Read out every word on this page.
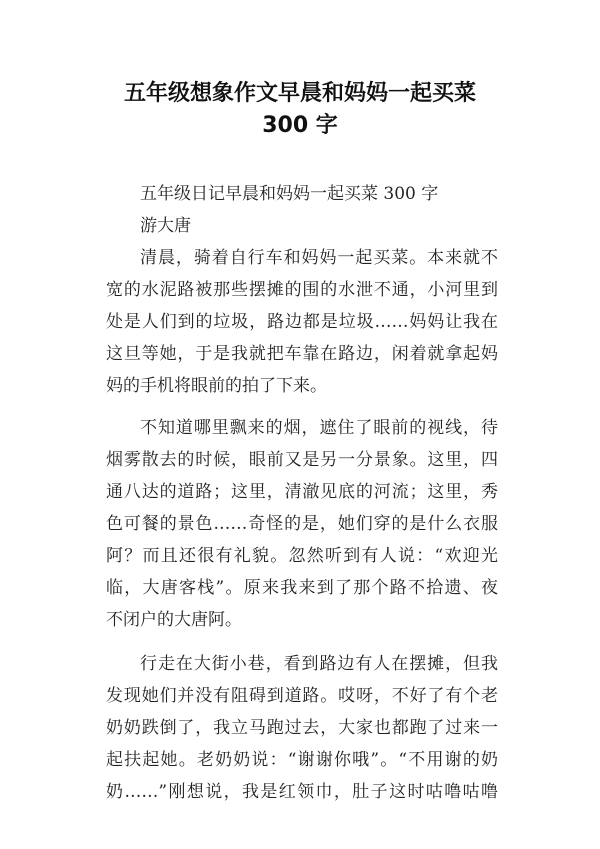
五年级想象作文早晨和妈妈一起买菜
300 字
五年级日记早晨和妈妈一起买菜 300 字
游大唐
清晨，骑着自行车和妈妈一起买菜。本来就不
宽的水泥路被那些摆摊的围的水泄不通，小河里到
处是人们到的垃圾，路边都是垃圾……妈妈让我在
这旦等她，于是我就把车靠在路边，闲着就拿起妈
妈的手机将眼前的拍了下来。
不知道哪里飘来的烟，遮住了眼前的视线，待
烟雾散去的时候，眼前又是另一分景象。这里，四
通八达的道路；这里，清澈见底的河流；这里，秀
色可餐的景色……奇怪的是，她们穿的是什么衣服
阿？而且还很有礼貌。忽然听到有人说：“欢迎光
临，大唐客栈”。原来我来到了那个路不拾遗、夜
不闭户的大唐阿。
行走在大街小巷，看到路边有人在摆摊，但我
发现她们并没有阻碍到道路。哎呀，不好了有个老
奶奶跌倒了，我立马跑过去，大家也都跑了过来一
起扶起她。老奶奶说：“谢谢你哦”。“不用谢的奶
奶……”刚想说，我是红领巾，肚子这时咕噜咕噜
